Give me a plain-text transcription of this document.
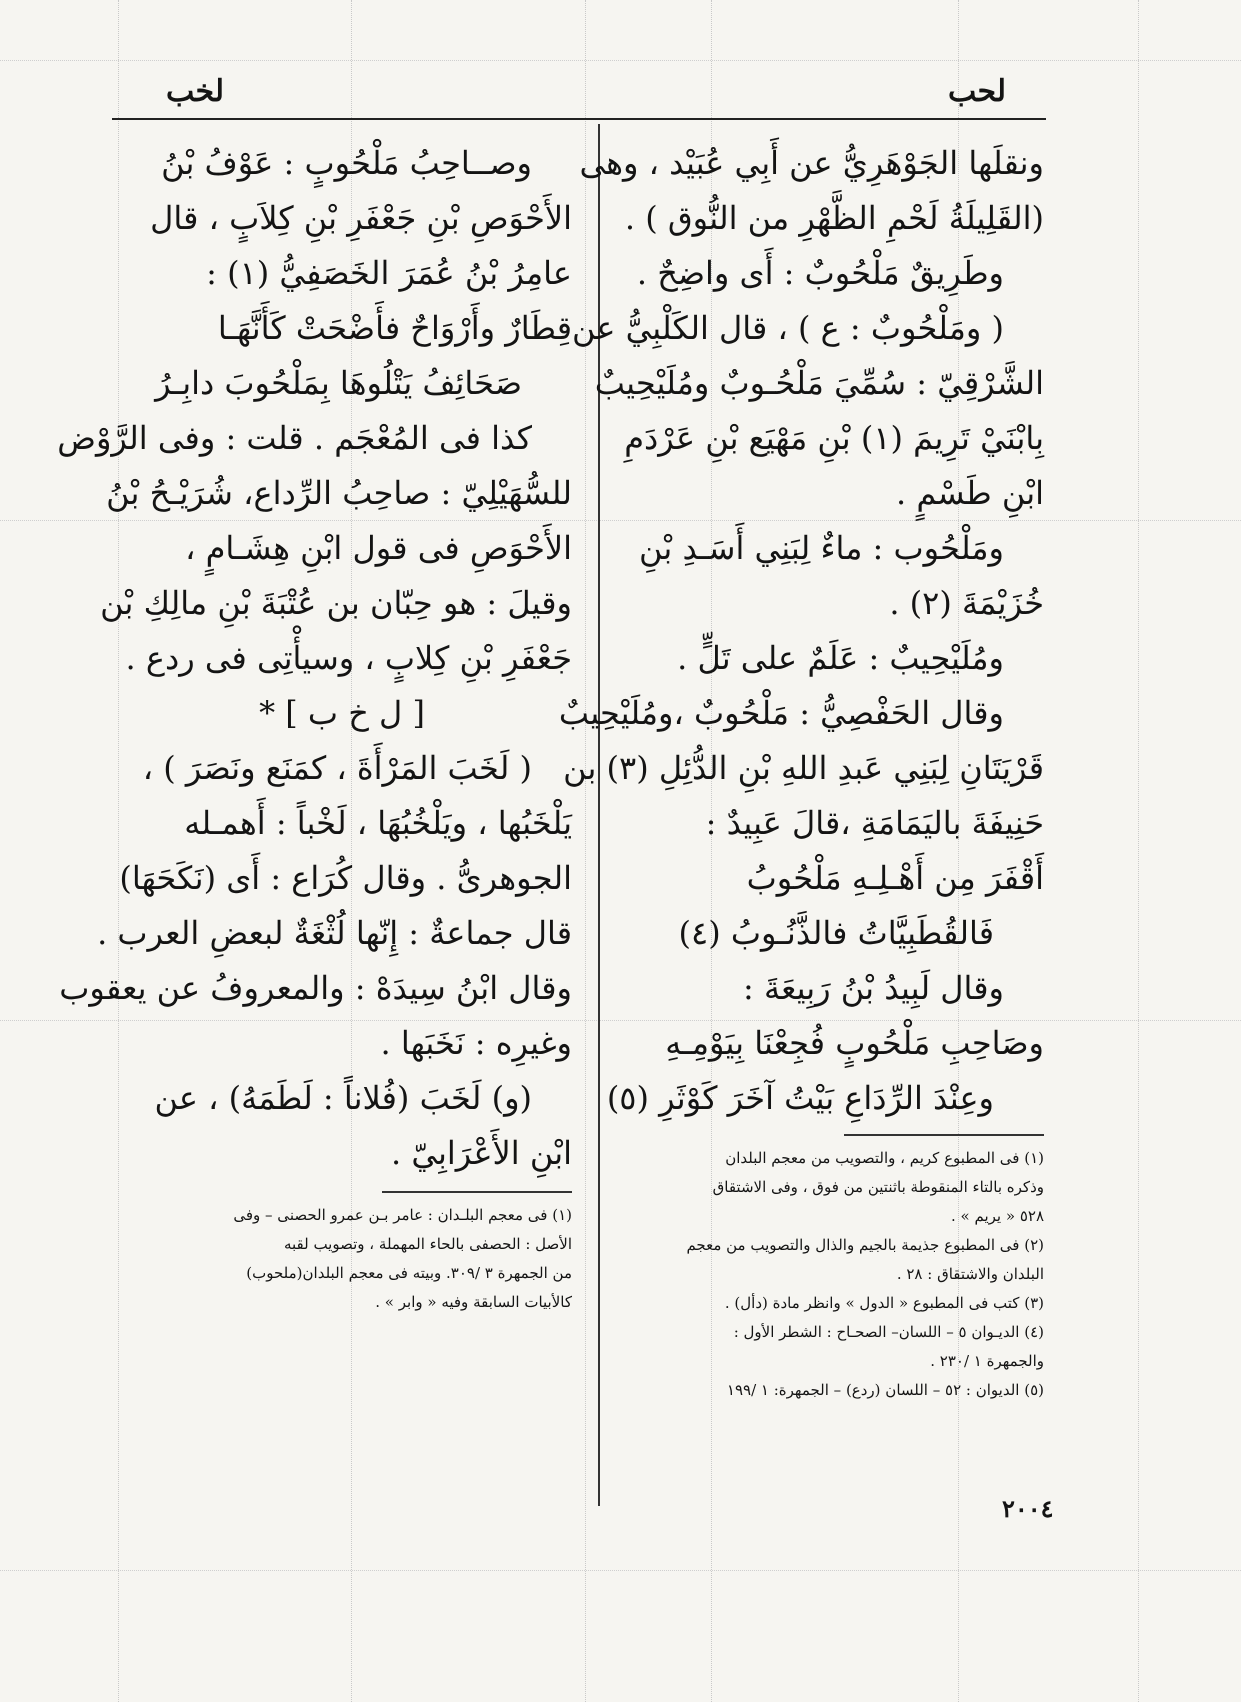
لحب
لخب
ونقلَها الجَوْهَرِيُّ عن أَبِي عُبَيْد ، وهى
(القَلِيلَةُ لَحْمِ الظَّهْرِ من النُّوق ) .
وطَرِيقٌ مَلْحُوبٌ : أَى واضِحٌ .
( ومَلْحُوبٌ : ع ) ، قال الكَلْبِيُّ عن
الشَّرْقِيّ : سُمِّيَ مَلْحُـوبٌ ومُلَيْحِيبٌ
بِابْنَيْ تَرِيمَ (١) بْنِ مَهْيَع بْنِ عَرْدَمِ
ابْنِ طَسْمٍ .
ومَلْحُوب : ماءٌ لِبَنِي أَسَـدِ بْنِ
خُزَيْمَةَ (٢) .
ومُلَيْحِيبٌ : عَلَمٌ على تَلٍّ .
وقال الحَفْصِيُّ : مَلْحُوبٌ ،ومُلَيْحِيبٌ
قَرْيَتَانِ لِبَنِي عَبدِ اللهِ بْنِ الدُّئِلِ (٣) بن
حَنِيفَةَ باليَمَامَةِ ،قالَ عَبِيدٌ :
أَقْفَرَ مِن أَهْـلِـهِ مَلْحُوبُ
فَالقُطَبِيَّاتُ فالذَّنُـوبُ (٤)
وقال لَبِيدُ بْنُ رَبِيعَةَ :
وصَاحِبِ مَلْحُوبٍ فُجِعْنَا بِيَوْمِـهِ
وعِنْدَ الرِّدَاعِ بَيْتُ آخَرَ كَوْثَرِ (٥)
(١) فى المطبوع كريم ، والتصويب من معجم البلدان
وذكره بالتاء المنقوطة باثنتين من فوق ، وفى الاشتقاق
٥٢٨ « يريم » .
(٢) فى المطبوع جذيمة بالجيم والذال والتصويب من معجم
البلدان والاشتقاق : ٢٨ .
(٣) كتب فى المطبوع « الدول » وانظر مادة (دأل) .
(٤) الديـوان ٥ – اللسان– الصحـاح : الشطر الأول :
والجمهرة ١ /٢٣٠ .
(٥) الديوان : ٥٢ – اللسان (ردع) – الجمهرة: ١ /١٩٩
وصــاحِبُ مَلْحُوبٍ : عَوْفُ بْنُ
الأَحْوَصِ بْنِ جَعْفَرِ بْنِ كِلاَبٍ ، قال
عامِرُ بْنُ عُمَرَ الخَصَفِيُّ (١) :
قِطَارٌ وأَرْوَاحٌ فأَضْحَتْ كَأَنَّهَـا
صَحَائِفُ يَتْلُوهَا بِمَلْحُوبَ دابِـرُ
كذا فى المُعْجَم . قلت : وفى الرَّوْض
للسُّهَيْلِيّ : صاحِبُ الرِّداع، شُرَيْـحُ بْنُ
الأَحْوَصِ فى قول ابْنِ هِشَـامٍ ،
وقيلَ : هو حِبّان بن عُتْبَةَ بْنِ مالِكِ بْن
جَعْفَرِ بْنِ كِلابٍ ، وسيأْتِى فى ردع .
[ ل خ ب ] *
( لَخَبَ المَرْأَةَ ، كمَنَع ونَصَرَ ) ،
يَلْخَبُها ، ويَلْخُبُهَا ، لَخْباً : أَهمـله
الجوهرىُّ . وقال كُرَاع : أَى (نَكَحَهَا)
قال جماعةٌ : إِنّها لُثْغَةٌ لبعضِ العرب .
وقال ابْنُ سِيدَهْ : والمعروفُ عن يعقوب
وغيرِه : نَخَبَها .
(و) لَخَبَ (فُلاناً : لَطَمَهُ) ، عن
ابْنِ الأَعْرَابِيّ .
(١) فى معجم البلـدان : عامر بـن عمرو الحصنى – وفى
الأصل : الحصفى بالحاء المهملة ، وتصويب لقبه
من الجمهرة ٣ /٣٠٩. وبيته فى معجم البلدان(ملحوب)
كالأبيات السابقة وفيه « وابر » .
٢٠٠٤
